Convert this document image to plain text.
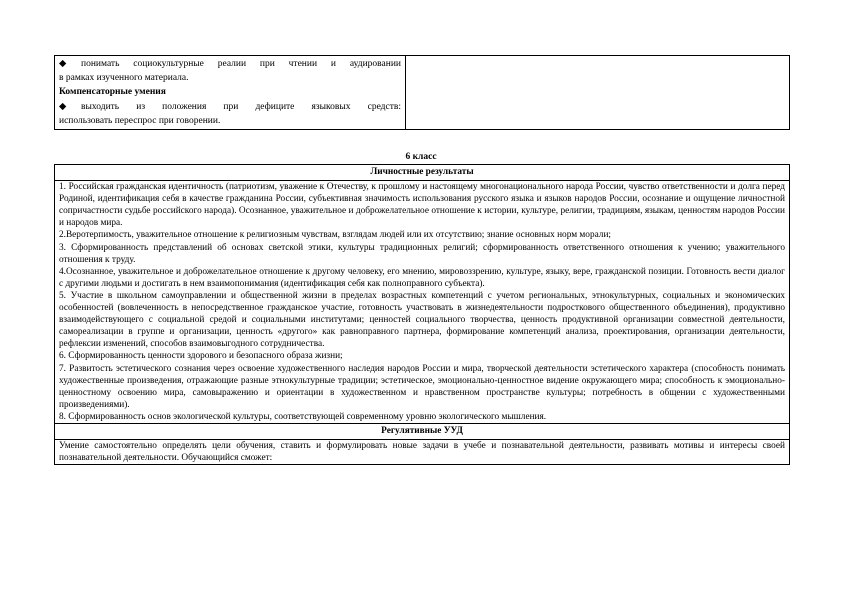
◆ понимать социокультурные реалии при чтении и аудировании
в рамках изученного материала.
Компенсаторные умения
◆ выходить из положения при дефиците языковых средств:
использовать переспрос при говорении.

6 класс
Личностные результаты

1. Российская гражданская идентичность (патриотизм, уважение к Отечеству, к прошлому и настоящему многонационального народа России, чувство ответственности и долга перед Родиной, идентификация себя в качестве гражданина России, субъективная значимость использования русского языка и языков народов России, осознание и ощущение личностной сопричастности судьбе российского народа). Осознанное, уважительное и доброжелательное отношение к истории, культуре, религии, традициям, языкам, ценностям народов России и народов мира.

2.Веротерпимость, уважительное отношение к религиозным чувствам, взглядам людей или их отсутствию; знание основных норм морали;

3. Сформированность представлений об основах светской этики, культуры традиционных религий; сформированность ответственного отношения к учению; уважительного отношения к труду.

4.Осознанное, уважительное и доброжелательное отношение к другому человеку, его мнению, мировоззрению, культуре, языку, вере, гражданской позиции. Готовность вести диалог с другими людьми и достигать в нем взаимопонимания (идентификация себя как полноправного субъекта).

5. Участие в школьном самоуправлении и общественной жизни в пределах возрастных компетенций с учетом региональных, этнокультурных, социальных и экономических особенностей (вовлеченность в непосредственное гражданское участие, готовность участвовать в жизнедеятельности подросткового общественного объединения), продуктивно взаимодействующего с социальной средой и социальными институтами; ценностей социального творчества, ценность продуктивной организации совместной деятельности, самореализации в группе и организации, ценность «другого» как равноправного партнера, формирование компетенций анализа, проектирования, организации деятельности, рефлексии изменений, способов взаимовыгодного сотрудничества.

6. Сформированность ценности здорового и безопасного образа жизни;

7. Развитость эстетического сознания через освоение художественного наследия народов России и мира, творческой деятельности эстетического характера (способность понимать художественные произведения, отражающие разные этнокультурные традиции; эстетическое, эмоционально-ценностное видение окружающего мира; способность к эмоционально-ценностному освоению мира, самовыражению и ориентации в художественном и нравственном пространстве культуры; потребность в общении с художественными произведениями).

8. Сформированность основ экологической культуры, соответствующей современному уровню экологического мышления.

Регулятивные УУД

Умение самостоятельно определять цели обучения, ставить и формулировать новые задачи в учебе и познавательной деятельности, развивать мотивы и интересы своей познавательной деятельности. Обучающийся сможет:
